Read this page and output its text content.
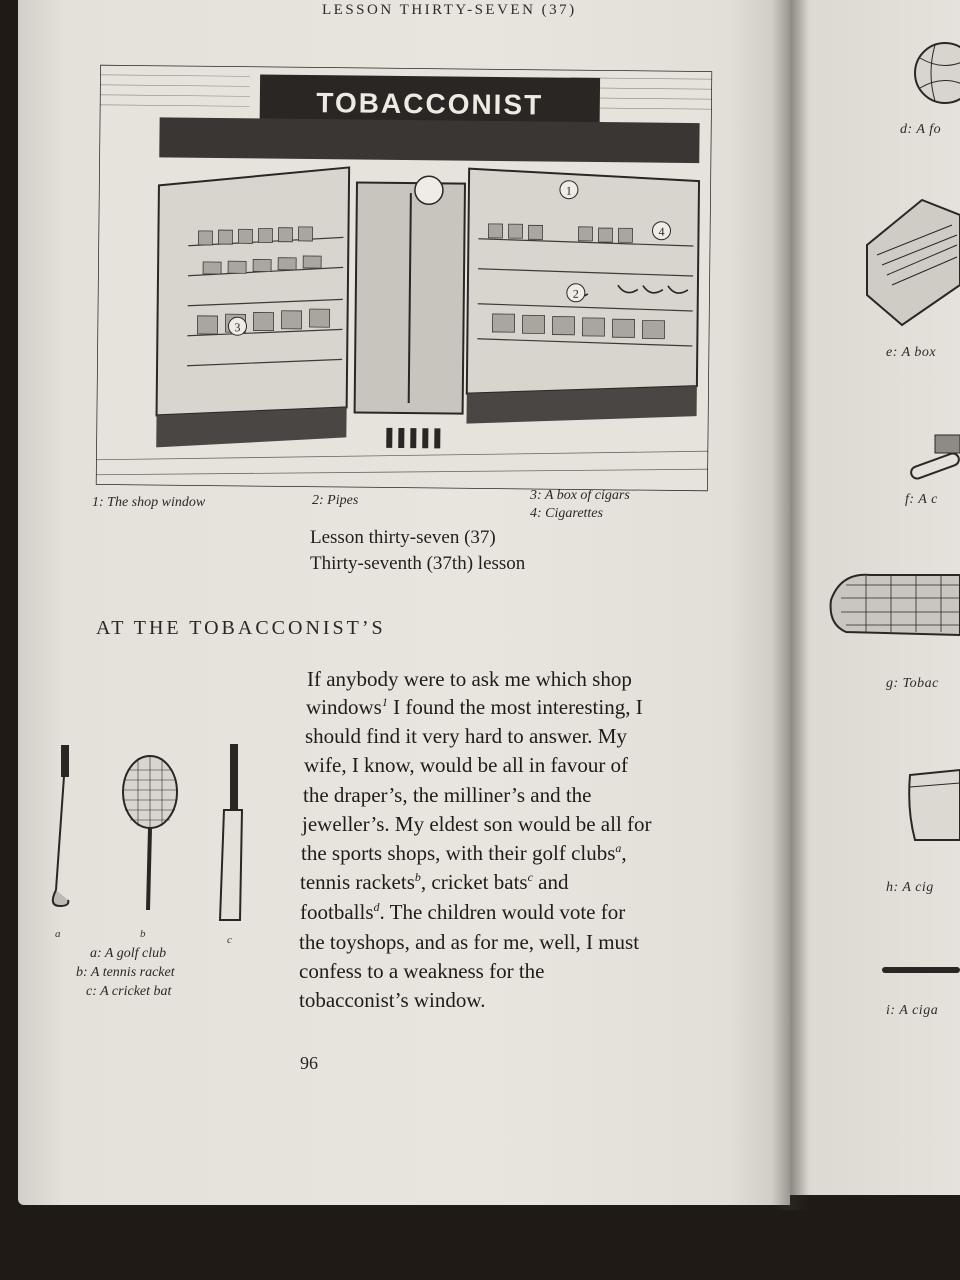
LESSON THIRTY-SEVEN (37)
TOBACCONIST
3
1
2
4
1: The shop window	2: Pipes	3: A box of cigars
4: Cigarettes
Lesson thirty-seven (37)
Thirty-seventh (37th) lesson
AT THE TOBACCONIST’S
If anybody were to ask me which shop
windows$^1$ I found the most interesting, I
should find it very hard to answer. My
wife, I know, would be all in favour of
the draper’s, the milliner’s and the
jeweller’s. My eldest son would be all for
the sports shops, with their golf clubs$^a$,
tennis rackets$^b$, cricket bats$^c$ and
footballs$^d$. The children would vote for
the toyshops, and as for me, well, I must
confess to a weakness for the
tobacconist’s window.
a	b	c
a: A golf club
b: A tennis racket
c: A cricket bat
96
d: A fo
e: A box
f: A c
g: Tobac
h: A cig
i: A ciga
